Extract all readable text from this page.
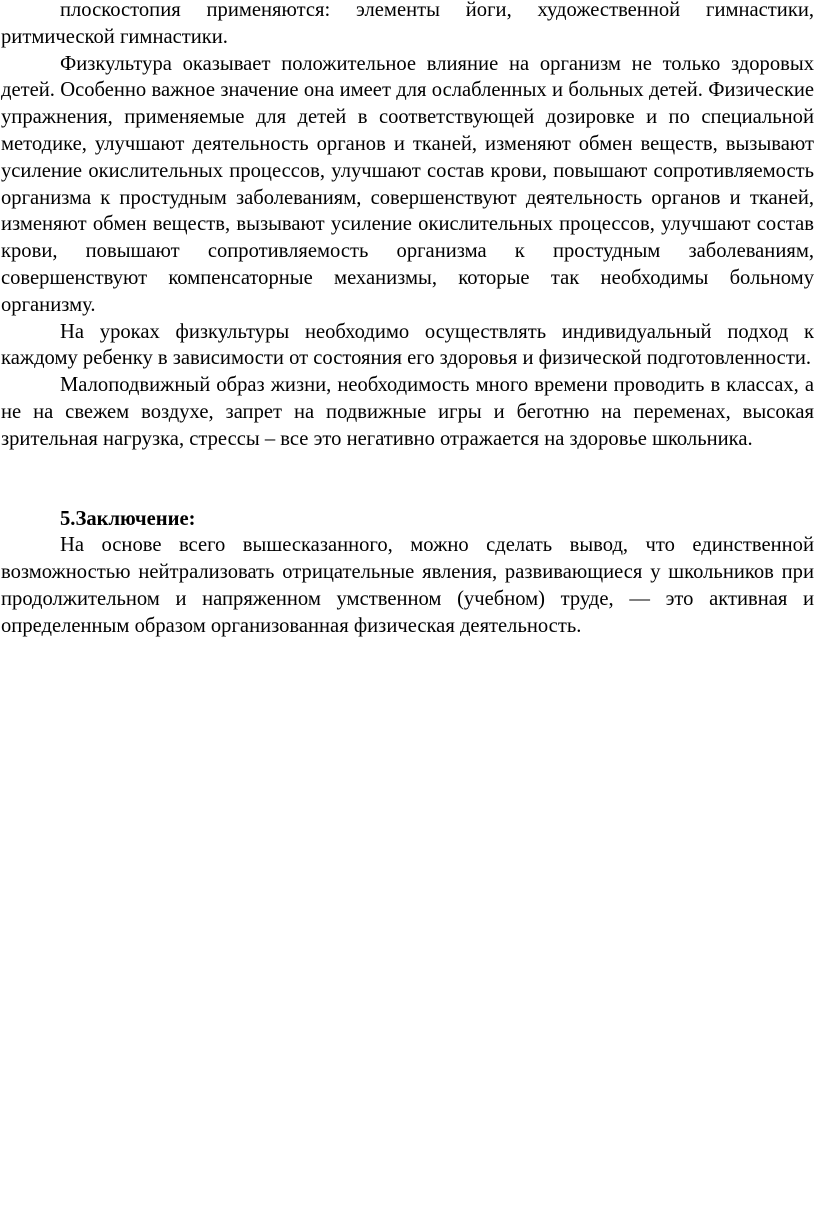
плоскостопия применяются: элементы йоги, художественной гимнастики, ритмической гимнастики.

Физкультура оказывает положительное влияние на организм не только здоровых детей. Особенно важное значение она имеет для ослабленных и больных детей. Физические упражнения, применяемые для детей в соответствующей дозировке и по специальной методике, улучшают деятельность органов и тканей, изменяют обмен веществ, вызывают усиление окислительных процессов, улучшают состав крови, повышают сопротивляемость организма к простудным заболеваниям, совершенствуют деятельность органов и тканей, изменяют обмен веществ, вызывают усиление окислительных процессов, улучшают состав крови, повышают сопротивляемость организма к простудным заболеваниям, совершенствуют компенсаторные механизмы, которые так необходимы больному организму.

На уроках физкультуры необходимо осуществлять индивидуальный подход к каждому ребенку в зависимости от состояния его здоровья и физической подготовленности.

Малоподвижный образ жизни, необходимость много времени проводить в классах, а не на свежем воздухе, запрет на подвижные игры и беготню на переменах, высокая зрительная нагрузка, стрессы – все это негативно отражается на здоровье школьника.

5.Заключение:

На основе всего вышесказанного, можно сделать вывод, что единственной возможностью нейтрализовать отрицательные явления, развивающиеся у школьников при продолжительном и напряженном умственном (учебном) труде, — это активная и определенным образом организованная физическая деятельность.
